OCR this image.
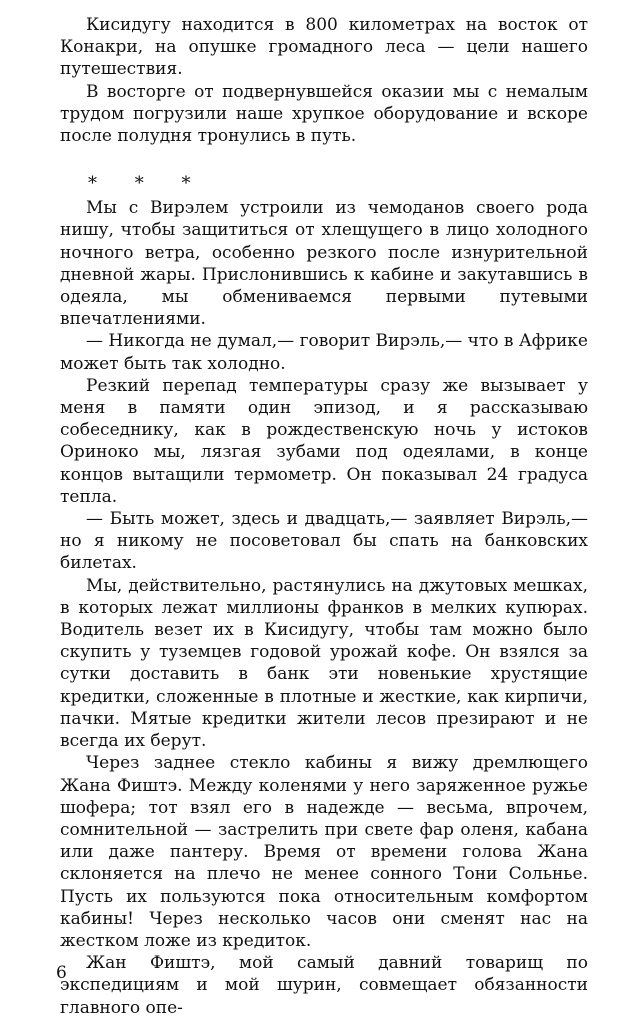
Кисидугу находится в 800 километрах на восток от Конакри, на опушке громадного леса — цели нашего путешествия.

В восторге от подвернувшейся оказии мы с немалым трудом погрузили наше хрупкое оборудование и вскоре после полудня тронулись в путь.

* * *

Мы с Вирэлем устроили из чемоданов своего рода нишу, чтобы защититься от хлещущего в лицо холодного ночного ветра, особенно резкого после изнурительной дневной жары. Прислонившись к кабине и закутавшись в одеяла, мы обмениваемся первыми путевыми впечатлениями.

— Никогда не думал,— говорит Вирэль,— что в Африке может быть так холодно.

Резкий перепад температуры сразу же вызывает у меня в памяти один эпизод, и я рассказываю собеседнику, как в рождественскую ночь у истоков Ориноко мы, лязгая зубами под одеялами, в конце концов вытащили термометр. Он показывал 24 градуса тепла.

— Быть может, здесь и двадцать,— заявляет Вирэль,— но я никому не посоветовал бы спать на банковских билетах.

Мы, действительно, растянулись на джутовых мешках, в которых лежат миллионы франков в мелких купюрах. Водитель везет их в Кисидугу, чтобы там можно было скупить у туземцев годовой урожай кофе. Он взялся за сутки доставить в банк эти новенькие хрустящие кредитки, сложенные в плотные и жесткие, как кирпичи, пачки. Мятые кредитки жители лесов презирают и не всегда их берут.

Через заднее стекло кабины я вижу дремлющего Жана Фиштэ. Между коленями у него заряженное ружье шофера; тот взял его в надежде — весьма, впрочем, сомнительной — застрелить при свете фар оленя, кабана или даже пантеру. Время от времени голова Жана склоняется на плечо не менее сонного Тони Сольнье. Пусть их пользуются пока относительным комфортом кабины! Через несколько часов они сменят нас на жестком ложе из кредиток.

Жан Фиштэ, мой самый давний товарищ по экспедициям и мой шурин, совмещает обязанности главного опе-

6
